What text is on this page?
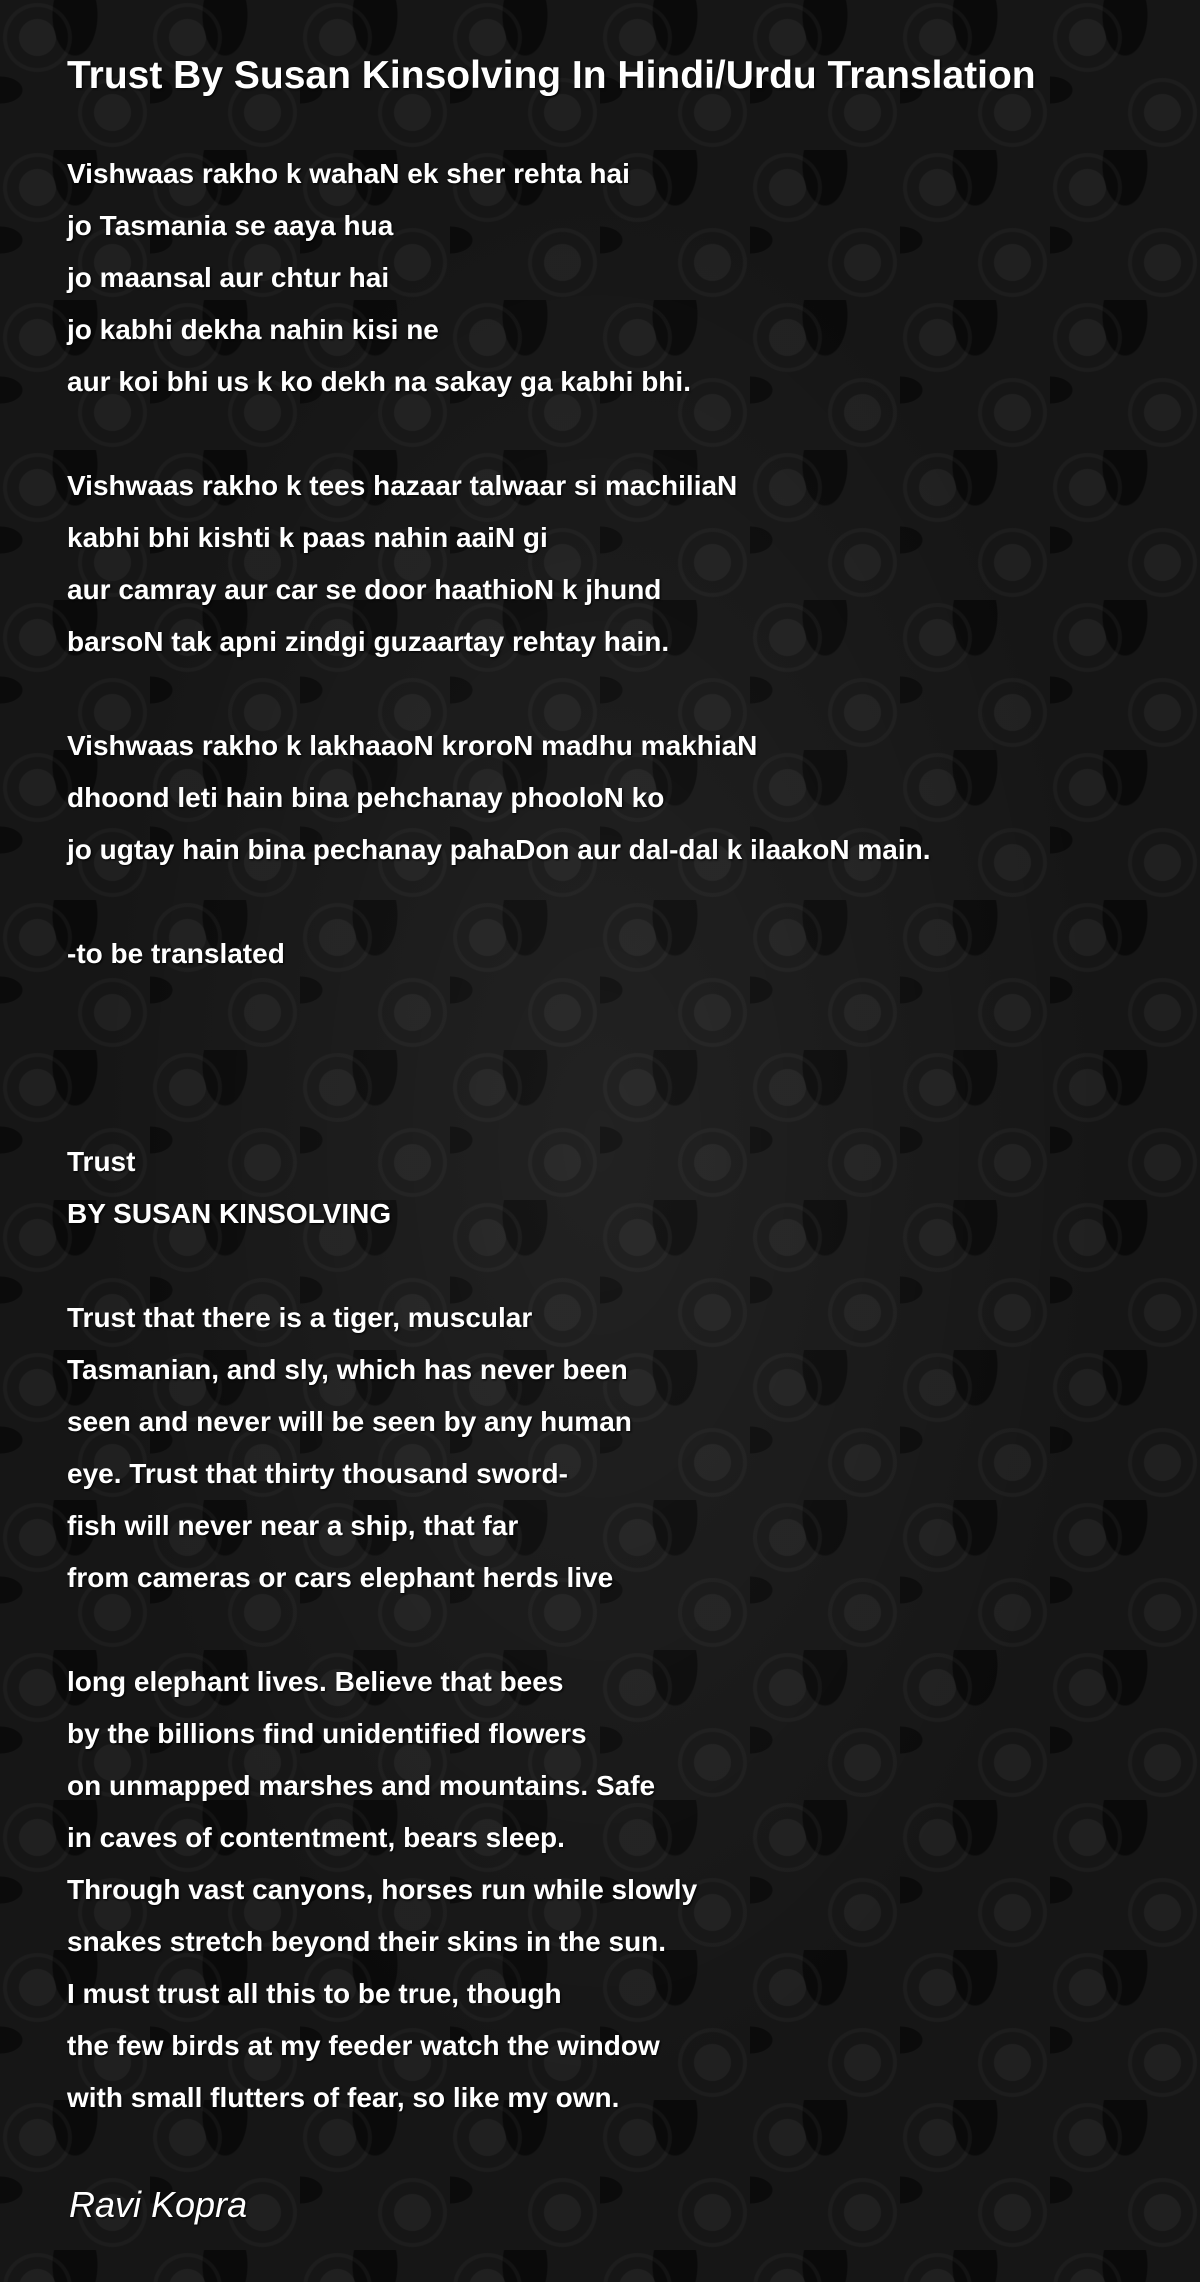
Trust By Susan Kinsolving In Hindi/Urdu Translation
Vishwaas rakho k wahaN ek sher rehta hai
jo Tasmania se aaya hua
jo maansal aur chtur hai
jo kabhi dekha nahin kisi ne
aur koi bhi us k ko dekh na sakay ga kabhi bhi.
Vishwaas rakho k tees hazaar talwaar si machiliaN
kabhi bhi kishti k paas nahin aaiN gi
aur camray aur car se door haathioN k jhund
barsoN tak apni zindgi guzaartay rehtay hain.
Vishwaas rakho k lakhaaoN kroroN madhu makhiaN
dhoond leti hain bina pehchanay phooloN ko
jo ugtay hain bina pechanay pahaDon aur dal-dal k ilaakoN main.
-to be translated
Trust
BY SUSAN KINSOLVING
Trust that there is a tiger, muscular
Tasmanian, and sly, which has never been
seen and never will be seen by any human
eye. Trust that thirty thousand sword-
fish will never near a ship, that far
from cameras or cars elephant herds live
long elephant lives. Believe that bees
by the billions find unidentified flowers
on unmapped marshes and mountains. Safe
in caves of contentment, bears sleep.
Through vast canyons, horses run while slowly
snakes stretch beyond their skins in the sun.
I must trust all this to be true, though
the few birds at my feeder watch the window
with small flutters of fear, so like my own.
Ravi Kopra
